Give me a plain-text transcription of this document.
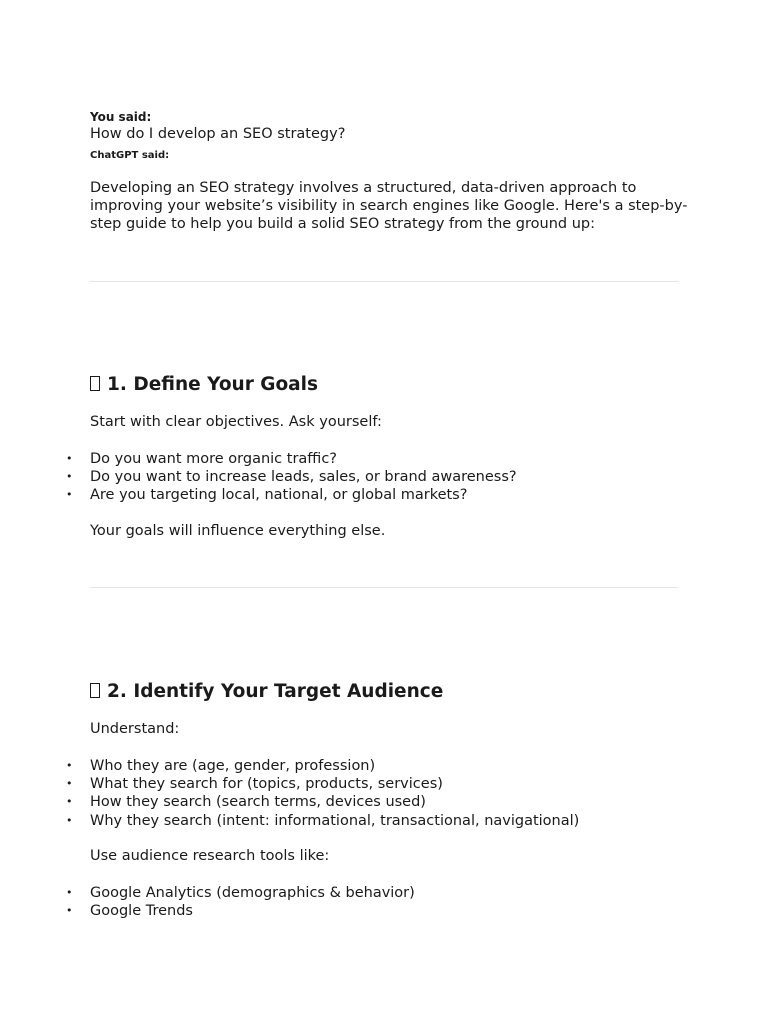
You said:

How do I develop an SEO strategy?

ChatGPT said:

Developing an SEO strategy involves a structured, data-driven approach to improving your website’s visibility in search engines like Google. Here's a step-by-step guide to help you build a solid SEO strategy from the ground up:

1. Define Your Goals

Start with clear objectives. Ask yourself:

• Do you want more organic traffic?
• Do you want to increase leads, sales, or brand awareness?
• Are you targeting local, national, or global markets?

Your goals will influence everything else.

2. Identify Your Target Audience

Understand:

• Who they are (age, gender, profession)
• What they search for (topics, products, services)
• How they search (search terms, devices used)
• Why they search (intent: informational, transactional, navigational)

Use audience research tools like:

• Google Analytics (demographics & behavior)
• Google Trends
